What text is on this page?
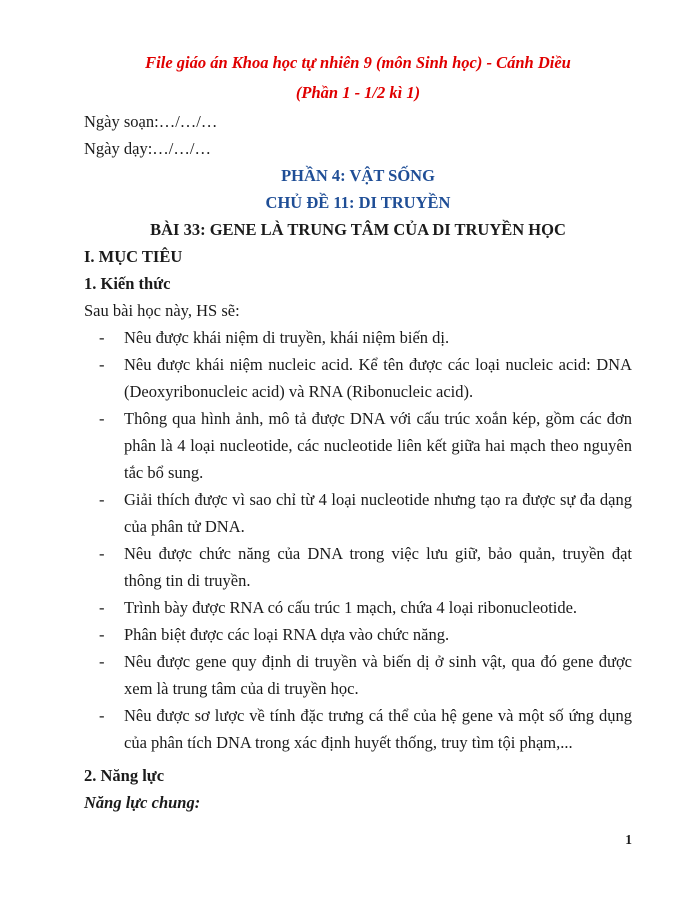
File giáo án Khoa học tự nhiên 9 (môn Sinh học) - Cánh Diều

(Phần 1 - 1/2 kì 1)

Ngày soạn:…/…/…

Ngày dạy:…/…/…

PHẦN 4: VẬT SỐNG

CHỦ ĐỀ 11: DI TRUYỀN

BÀI 33: GENE LÀ TRUNG TÂM CỦA DI TRUYỀN HỌC

I. MỤC TIÊU

1. Kiến thức

Sau bài học này, HS sẽ:

- Nêu được khái niệm di truyền, khái niệm biến dị.
- Nêu được khái niệm nucleic acid. Kể tên được các loại nucleic acid: DNA (Deoxyribonucleic acid) và RNA (Ribonucleic acid).
- Thông qua hình ảnh, mô tả được DNA với cấu trúc xoắn kép, gồm các đơn phân là 4 loại nucleotide, các nucleotide liên kết giữa hai mạch theo nguyên tắc bổ sung.
- Giải thích được vì sao chỉ từ 4 loại nucleotide nhưng tạo ra được sự đa dạng của phân tử DNA.
- Nêu được chức năng của DNA trong việc lưu giữ, bảo quản, truyền đạt thông tin di truyền.
- Trình bày được RNA có cấu trúc 1 mạch, chứa 4 loại ribonucleotide.
- Phân biệt được các loại RNA dựa vào chức năng.
- Nêu được gene quy định di truyền và biến dị ở sinh vật, qua đó gene được xem là trung tâm của di truyền học.
- Nêu được sơ lược về tính đặc trưng cá thể của hệ gene và một số ứng dụng của phân tích DNA trong xác định huyết thống, truy tìm tội phạm,...

2. Năng lực

Năng lực chung:

1
